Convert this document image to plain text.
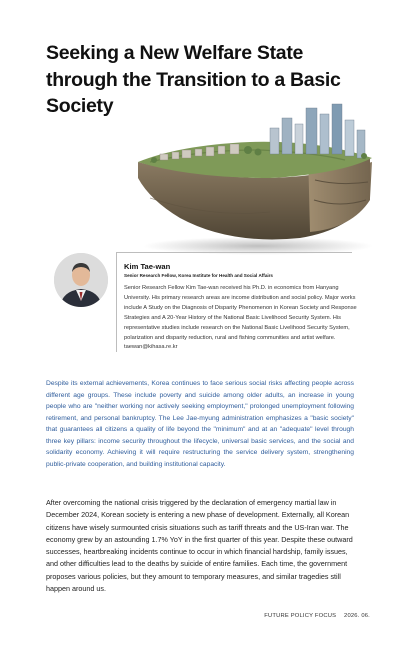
Seeking a New Welfare State through the Transition to a Basic Society
Kim Tae-wan
Senior Research Fellow, Korea Institute for Health and Social Affairs

Senior Research Fellow Kim Tae-wan received his Ph.D. in economics from Hanyang University. His primary research areas are income distribution and social policy. Major works include A Study on the Diagnosis of Disparity Phenomenon in Korean Society and Response Strategies and A 20-Year History of the National Basic Livelihood Security System. His representative studies include research on the National Basic Livelihood Security System, polarization and disparity reduction, rural and fishing communities and artist welfare. taewan@kihasa.re.kr

Despite its external achievements, Korea continues to face serious social risks affecting people across different age groups. These include poverty and suicide among older adults, an increase in young people who are "neither working nor actively seeking employment," prolonged unemployment following retirement, and personal bankruptcy. The Lee Jae-myung administration emphasizes a "basic society" that guarantees all citizens a quality of life beyond the "minimum" and at an "adequate" level through three key pillars: income security throughout the lifecycle, universal basic services, and the social and solidarity economy. Achieving it will require restructuring the service delivery system, strengthening public-private cooperation, and building institutional capacity.

After overcoming the national crisis triggered by the declaration of emergency martial law in December 2024, Korean society is entering a new phase of development. Externally, all Korean citizens have wisely surmounted crisis situations such as tariff threats and the US-Iran war. The economy grew by an astounding 1.7% YoY in the first quarter of this year. Despite these outward successes, heartbreaking incidents continue to occur in which financial hardship, family issues, and other difficulties lead to the deaths by suicide of entire families. Each time, the government proposes various policies, but they amount to temporary measures, and similar tragedies still happen around us.

FUTURE POLICY FOCUS 2026. 06.
